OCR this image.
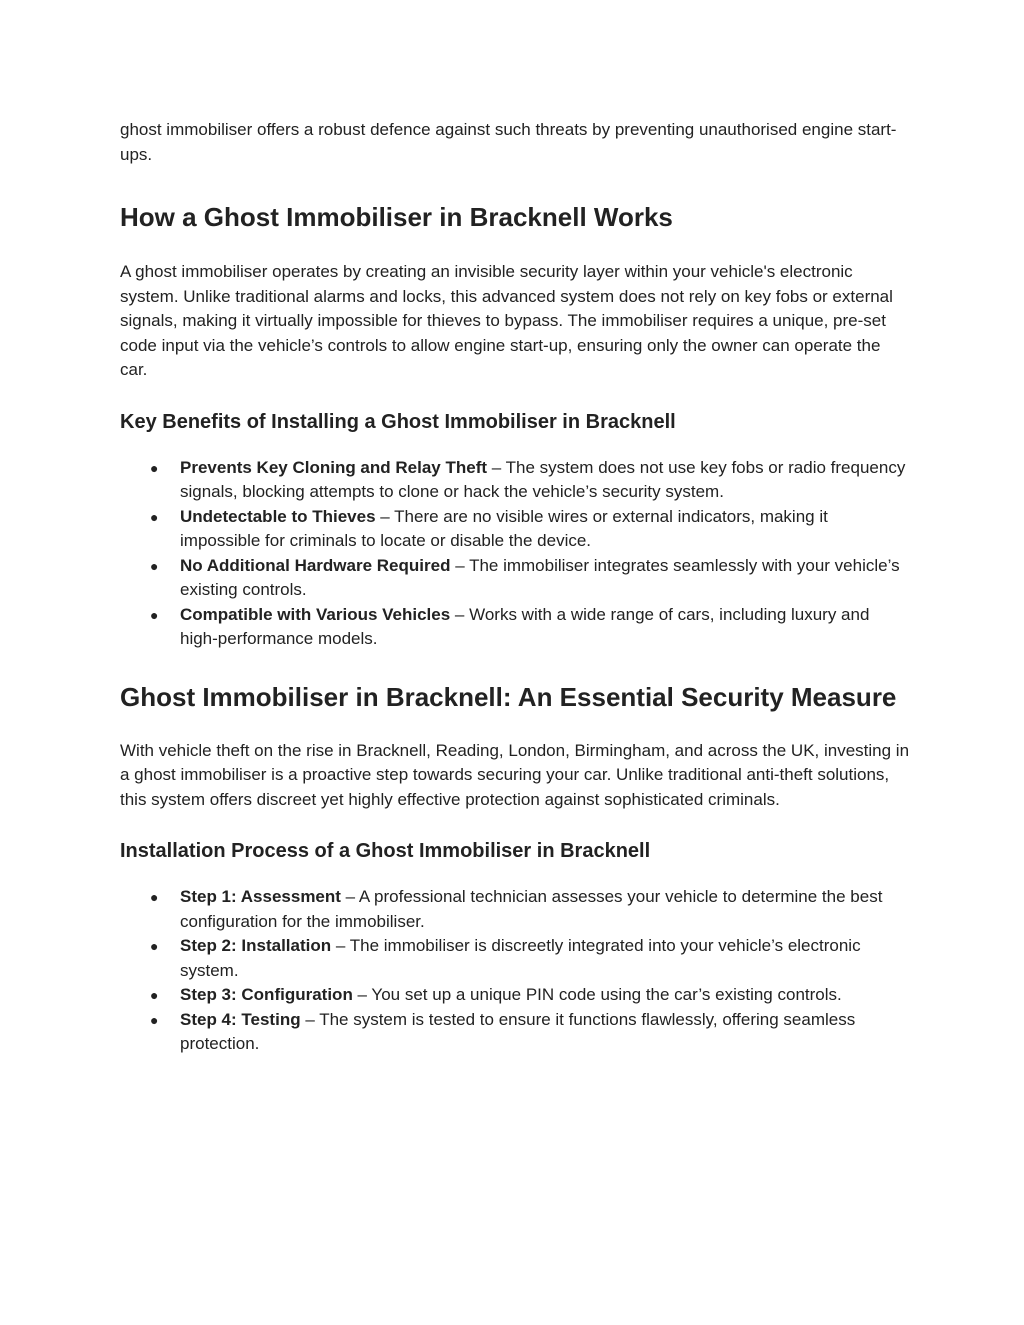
ghost immobiliser offers a robust defence against such threats by preventing unauthorised engine start-ups.

How a Ghost Immobiliser in Bracknell Works

A ghost immobiliser operates by creating an invisible security layer within your vehicle's electronic system. Unlike traditional alarms and locks, this advanced system does not rely on key fobs or external signals, making it virtually impossible for thieves to bypass. The immobiliser requires a unique, pre-set code input via the vehicle’s controls to allow engine start-up, ensuring only the owner can operate the car.

Key Benefits of Installing a Ghost Immobiliser in Bracknell
● Prevents Key Cloning and Relay Theft – The system does not use key fobs or radio frequency signals, blocking attempts to clone or hack the vehicle’s security system.
● Undetectable to Thieves – There are no visible wires or external indicators, making it impossible for criminals to locate or disable the device.
● No Additional Hardware Required – The immobiliser integrates seamlessly with your vehicle’s existing controls.
● Compatible with Various Vehicles – Works with a wide range of cars, including luxury and high-performance models.
Ghost Immobiliser in Bracknell: An Essential Security Measure

With vehicle theft on the rise in Bracknell, Reading, London, Birmingham, and across the UK, investing in a ghost immobiliser is a proactive step towards securing your car. Unlike traditional anti-theft solutions, this system offers discreet yet highly effective protection against sophisticated criminals.

Installation Process of a Ghost Immobiliser in Bracknell
● Step 1: Assessment – A professional technician assesses your vehicle to determine the best configuration for the immobiliser.
● Step 2: Installation – The immobiliser is discreetly integrated into your vehicle’s electronic system.
● Step 3: Configuration – You set up a unique PIN code using the car’s existing controls.
● Step 4: Testing – The system is tested to ensure it functions flawlessly, offering seamless protection.
